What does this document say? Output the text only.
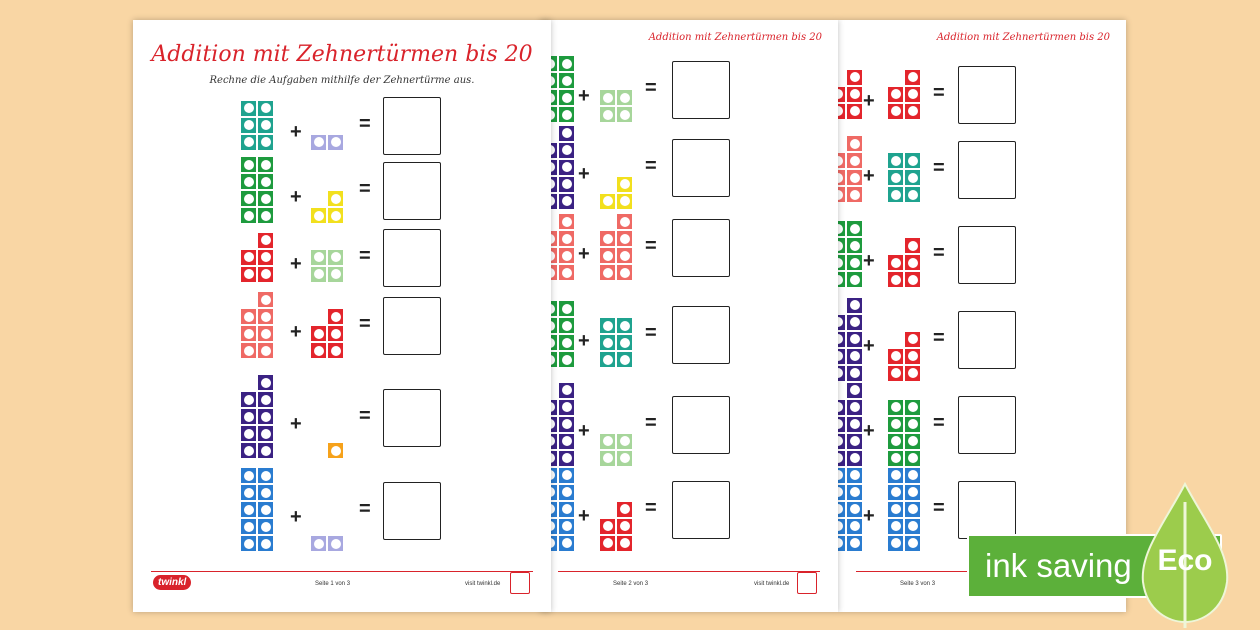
Addition mit Zehnertürmen bis 20
+	=
+	=
+	=
+	=
+	=
+	=
Seite 3 von 3
Addition mit Zehnertürmen bis 20
+	=
+	=
+	=
+	=
+	=
+	=
Seite 2 von 3	visit twinkl.de
Addition mit Zehnertürmen bis 20
Rechne die Aufgaben mithilfe der Zehnertürme aus.
+	=
+	=
+	=
+	=
+	=
+	=
twinkl	Seite 1 von 3	visit twinkl.de	ink saving Eco
